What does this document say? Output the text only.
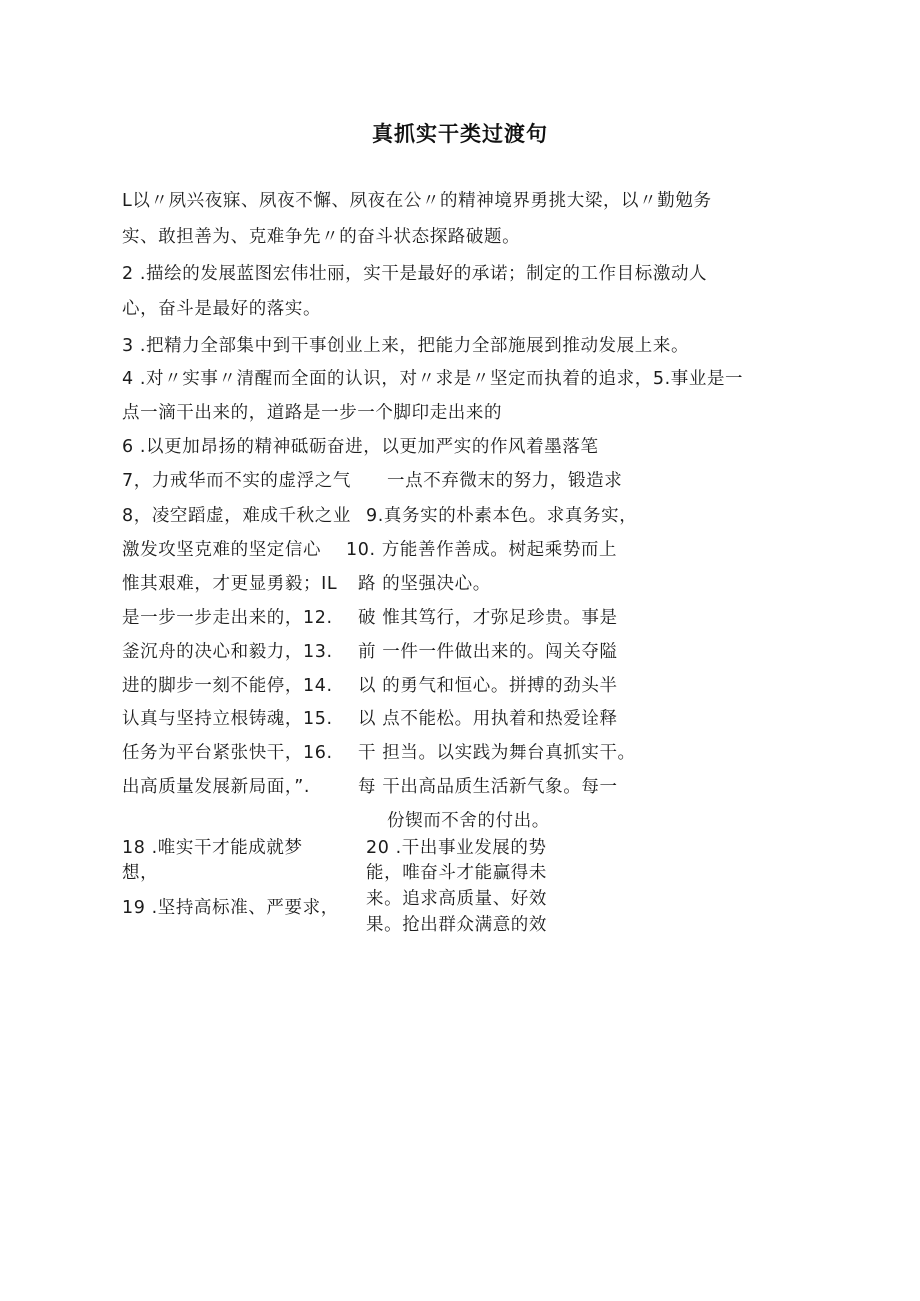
真抓实干类过渡句
L以〃夙兴夜寐、夙夜不懈、夙夜在公〃的精神境界勇挑大梁，以〃勤勉务
实、敢担善为、克难争先〃的奋斗状态探路破题。
2 .描绘的发展蓝图宏伟壮丽，实干是最好的承诺；制定的工作目标激动人
心，奋斗是最好的落实。
3 .把精力全部集中到干事创业上来，把能力全部施展到推动发展上来。
4 .对〃实事〃清醒而全面的认识，对〃求是〃坚定而执着的追求，5.事业是一
点一滴干出来的，道路是一步一个脚印走出来的
6 .以更加昂扬的精神砥砺奋进，以更加严实的作风着墨落笔
7，力戒华而不实的虚浮之气
8，凌空蹈虚，难成千秋之业
激发攻坚克难的坚定信心
惟其艰难，才更显勇毅；IL
是一步一步走出来的，12.
釜沉舟的决心和毅力，13.
进的脚步一刻不能停，14.
认真与坚持立根铸魂，15.
任务为平台紧张快干，16.
出高质量发展新局面，”.
一点不弃微末的努力，锻造求
9.真务实的朴素本色。求真务实，
10. 方能善作善成。树起乘势而上
路 的坚强决心。
破 惟其笃行，才弥足珍贵。事是
前 一件一件做出来的。闯关夺隘
以 的勇气和恒心。拼搏的劲头半
以 点不能松。用执着和热爱诠释
干 担当。以实践为舞台真抓实干。
每 干出高品质生活新气象。每一
份锲而不舍的付出。
18 .唯实干才能成就梦
想，
19 .坚持高标准、严要求，
20 .干出事业发展的势
能，唯奋斗才能赢得未
来。追求高质量、好效
果。抢出群众满意的效
